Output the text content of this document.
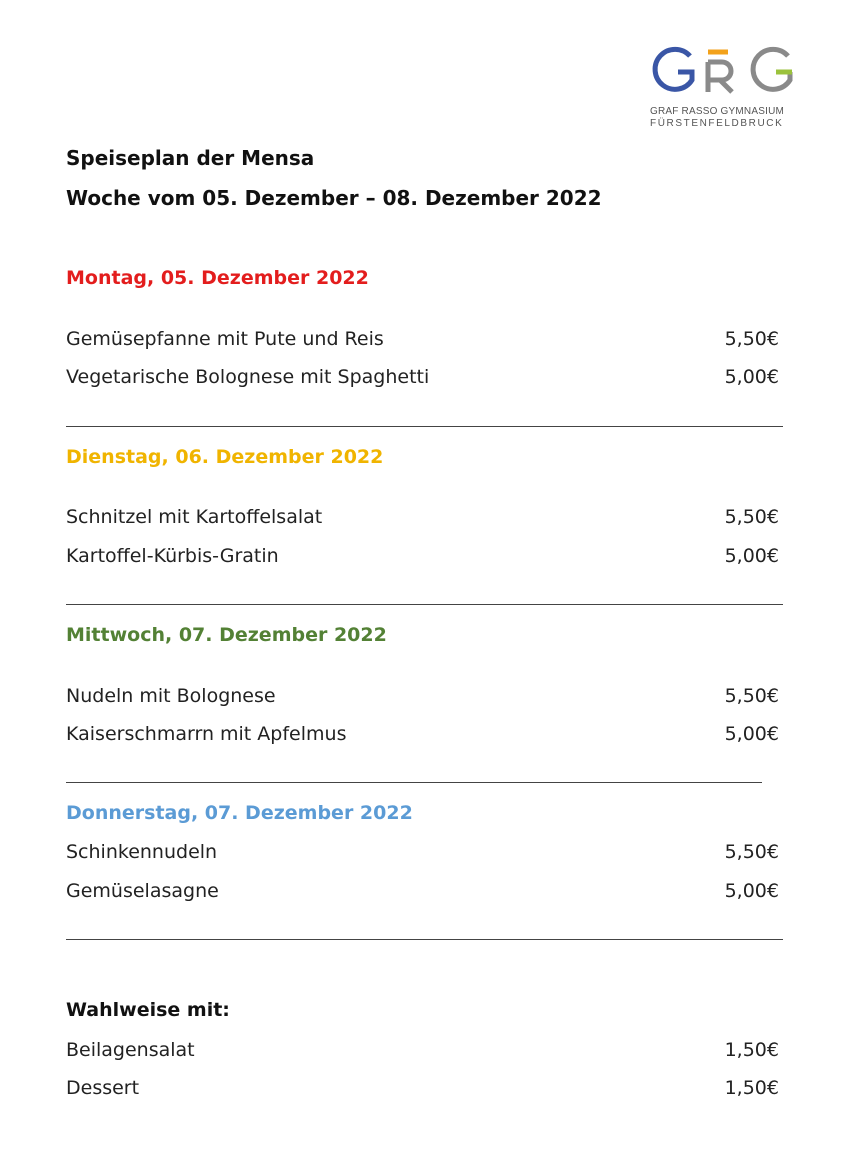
GRAF RASSO GYMNASIUM
FÜRSTENFELDBRUCK
Speiseplan der Mensa
Woche vom 05. Dezember – 08. Dezember 2022
Montag, 05. Dezember 2022
Gemüsepfanne mit Pute und Reis	5,50€
Vegetarische Bolognese mit Spaghetti	5,00€
Dienstag, 06. Dezember 2022
Schnitzel mit Kartoffelsalat	5,50€
Kartoffel-Kürbis-Gratin	5,00€
Mittwoch, 07. Dezember 2022
Nudeln mit Bolognese	5,50€
Kaiserschmarrn mit Apfelmus	5,00€
Donnerstag, 07. Dezember 2022
Schinkennudeln	5,50€
Gemüselasagne	5,00€
Wahlweise mit:
Beilagensalat	1,50€
Dessert	1,50€
